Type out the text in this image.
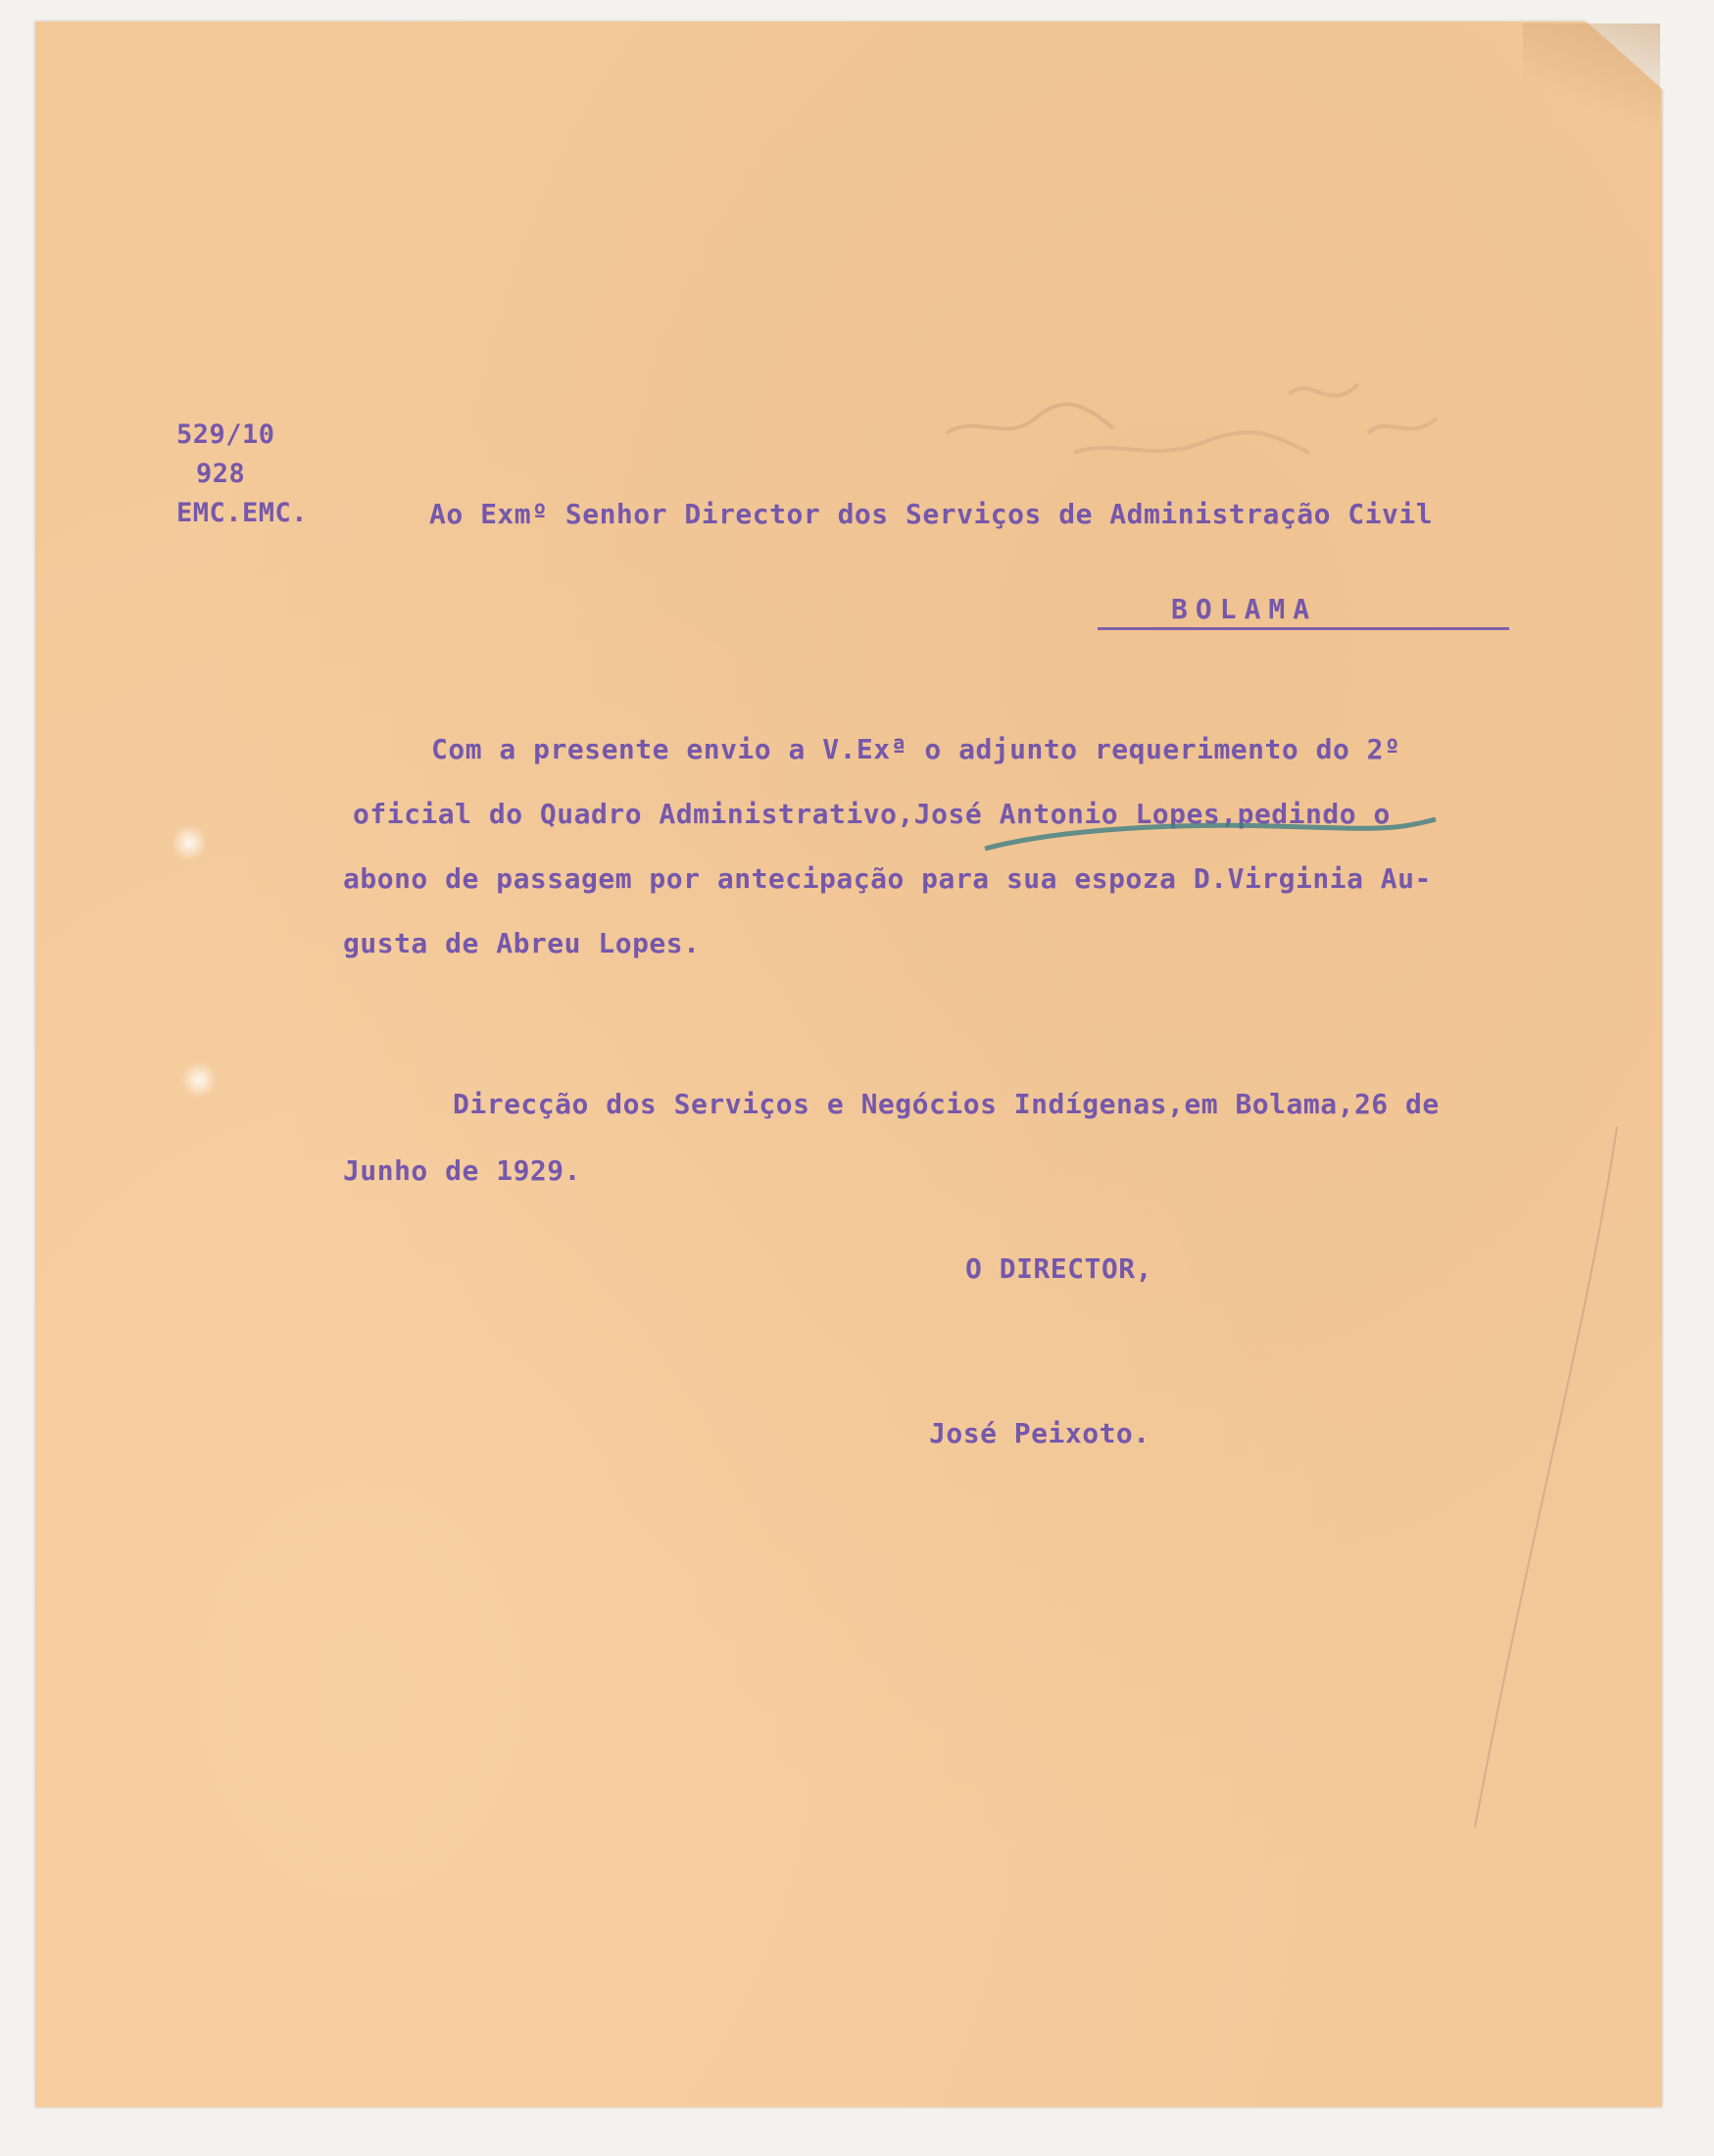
529/10
928
EMC.EMC.	Ao Exmº Senhor Director dos Serviços de Administração Civil
BOLAMA
Com a presente envio a V.Exª o adjunto requerimento do 2º
oficial do Quadro Administrativo,José Antonio Lopes,pedindo o
abono de passagem por antecipação para sua espoza D.Virginia Au-
gusta de Abreu Lopes.
Direcção dos Serviços e Negócios Indígenas,em Bolama,26 de
Junho de 1929.
O DIRECTOR,
José Peixoto.
